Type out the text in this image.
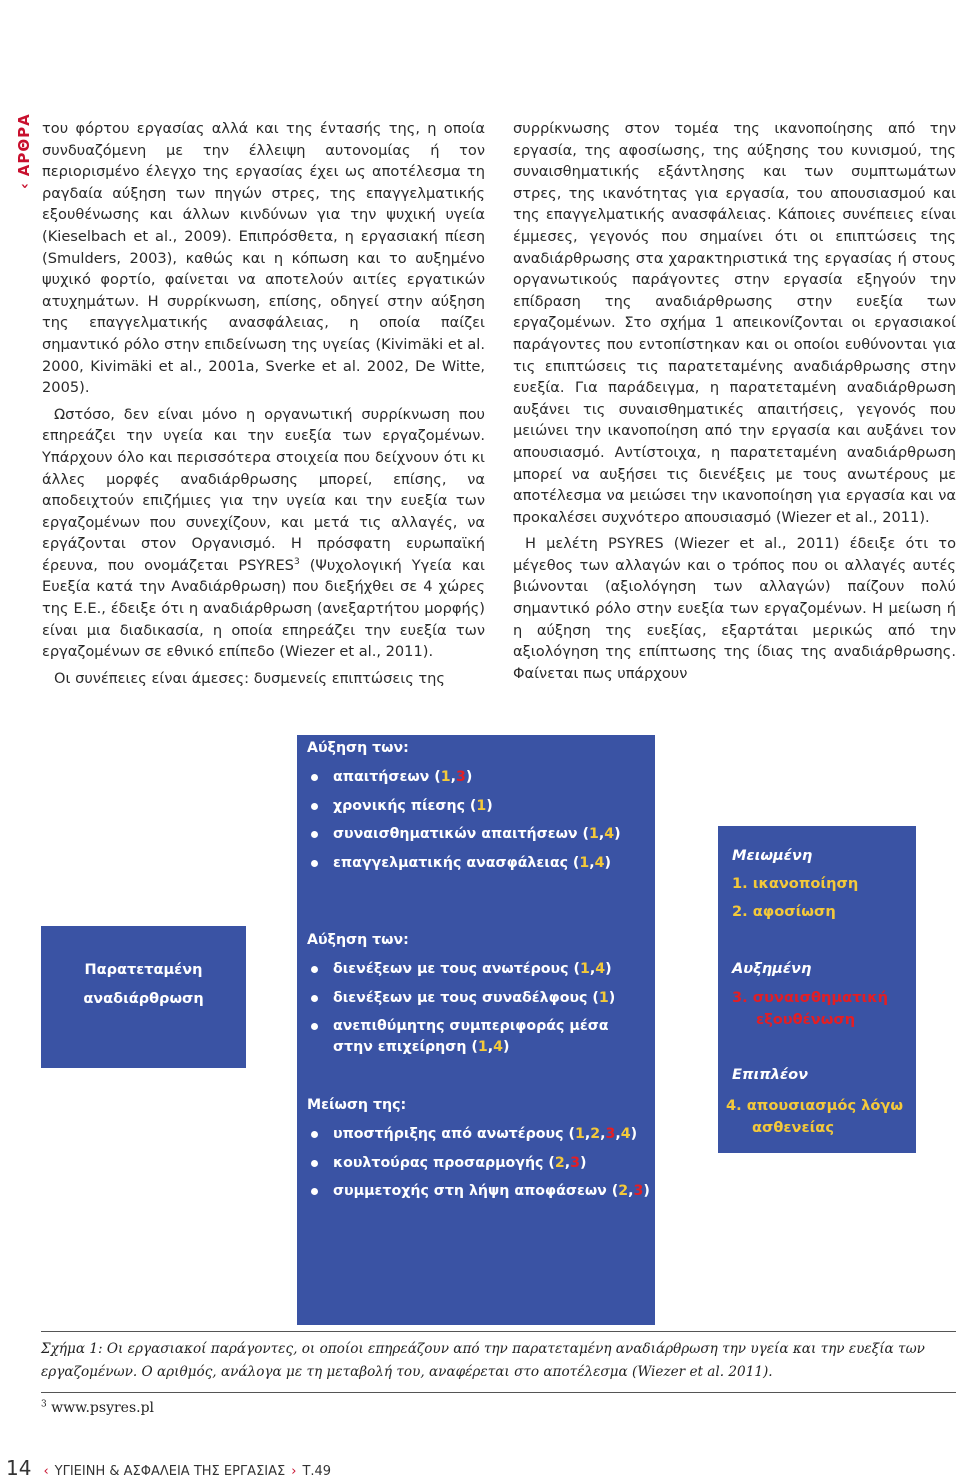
‹ΑΡΘΡΑ του φόρτου εργασίας αλλά και της έντασής της, η οποία συνδυαζόμενη με την έλλειψη αυτονομίας ή τον περιορισμένο έλεγχο της εργασίας έχει ως αποτέλεσμα τη ραγδαία αύξηση των πηγών στρες, της επαγγελματικής εξουθένωσης και άλλων κινδύνων για την ψυχική υγεία (Kieselbach et al., 2009). Επιπρόσθετα, η εργασιακή πίεση (Smulders, 2003), καθώς και η κόπωση και το αυξημένο ψυχικό φορτίο, φαίνεται να αποτελούν αιτίες εργατικών ατυχημάτων. Η συρρίκνωση, επίσης, οδηγεί στην αύξηση της επαγγελματικής ανασφάλειας, η οποία παίζει σημαντικό ρόλο στην επιδείνωση της υγείας (Kivimäki et al. 2000, Kivimäki et al., 2001a, Sverke et al. 2002, De Witte, 2005).

Ωστόσο, δεν είναι μόνο η οργανωτική συρρίκνωση που επηρεάζει την υγεία και την ευεξία των εργαζομένων. Υπάρχουν όλο και περισσότερα στοιχεία που δείχνουν ότι κι άλλες μορφές αναδιάρθρωσης μπορεί, επίσης, να αποδειχτούν επιζήμιες για την υγεία και την ευεξία των εργαζομένων που συνεχίζουν, και μετά τις αλλαγές, να εργάζονται στον Οργανισμό. Η πρόσφατη ευρωπαϊκή έρευνα, που ονομάζεται PSYRES$^3$ (Ψυχολογική Υγεία και Ευεξία κατά την Αναδιάρθρωση) που διεξήχθει σε 4 χώρες της Ε.Ε., έδειξε ότι η αναδιάρθρωση (ανεξαρτήτου μορφής) είναι μια διαδικασία, η οποία επηρεάζει την ευεξία των εργαζομένων σε εθνικό επίπεδο (Wiezer et al., 2011).

Οι συνέπειες είναι άμεσες: δυσμενείς επιπτώσεις της

συρρίκνωσης στον τομέα της ικανοποίησης από την εργασία, της αφοσίωσης, της αύξησης του κυνισμού, της συναισθηματικής εξάντλησης και των συμπτωμάτων στρες, της ικανότητας για εργασία, του απουσιασμού και της επαγγελματικής ανασφάλειας. Κάποιες συνέπειες είναι έμμεσες, γεγονός που σημαίνει ότι οι επιπτώσεις της αναδιάρθρωσης στα χαρακτηριστικά της εργασίας ή στους οργανωτικούς παράγοντες στην εργασία εξηγούν την επίδραση της αναδιάρθρωσης στην ευεξία των εργαζομένων. Στο σχήμα 1 απεικονίζονται οι εργασιακοί παράγοντες που εντοπίστηκαν και οι οποίοι ευθύνονται για τις επιπτώσεις τις παρατεταμένης αναδιάρθρωσης στην ευεξία. Για παράδειγμα, η παρατεταμένη αναδιάρθρωση αυξάνει τις συναισθηματικές απαιτήσεις, γεγονός που μειώνει την ικανοποίηση από την εργασία και αυξάνει τον απουσιασμό. Αντίστοιχα, η παρατεταμένη αναδιάρθρωση μπορεί να αυξήσει τις διενέξεις με τους ανωτέρους με αποτέλεσμα να μειώσει την ικανοποίηση για εργασία και να προκαλέσει συχνότερο απουσιασμό (Wiezer et al., 2011).

Η μελέτη PSYRES (Wiezer et al., 2011) έδειξε ότι το μέγεθος των αλλαγών και ο τρόπος που οι αλλαγές αυτές βιώνονται (αξιολόγηση των αλλαγών) παίζουν πολύ σημαντικό ρόλο στην ευεξία των εργαζομένων. Η μείωση ή η αύξηση της ευεξίας, εξαρτάται μερικώς από την αξιολόγηση της επίπτωσης της ίδιας της αναδιάρθρωσης. Φαίνεται πως υπάρχουν

Παρατεταμένη
αναδιάρθρωση
Αύξηση των:
απαιτήσεων (1,3)
χρονικής πίεσης (1)
συναισθηματικών απαιτήσεων (1,4)
επαγγελματικής ανασφάλειας (1,4)
Αύξηση των:
διενέξεων με τους ανωτέρους (1,4)
διενέξεων με τους συναδέλφους (1)
ανεπιθύμητης συμπεριφοράς μέσα στην επιχείρηση (1,4)
Μείωση της:
υποστήριξης από ανωτέρους (1,2,3,4)
κουλτούρας προσαρμογής (2,3)
συμμετοχής στη λήψη αποφάσεων (2,3)
Μειωμένη
1. ικανοποίηση
2. αφοσίωση
Αυξημένη
3. συναισθηματική
εξουθένωση
Επιπλέον
4. απουσιασμός λόγω
ασθενείας
Σχήμα 1: Οι εργασιακοί παράγοντες, οι οποίοι επηρεάζουν από την παρατεταμένη αναδιάρθρωση την υγεία και την ευεξία των εργαζομένων. Ο αριθμός, ανάλογα με τη μεταβολή του, αναφέρεται στο αποτέλεσμα (Wiezer et al. 2011).
$^3$ www.psyres.pl
14 ‹ ΥΓΙΕΙΝΗ & ΑΣΦΑΛΕΙΑ ΤΗΣ ΕΡΓΑΣΙΑΣ › Τ.49
